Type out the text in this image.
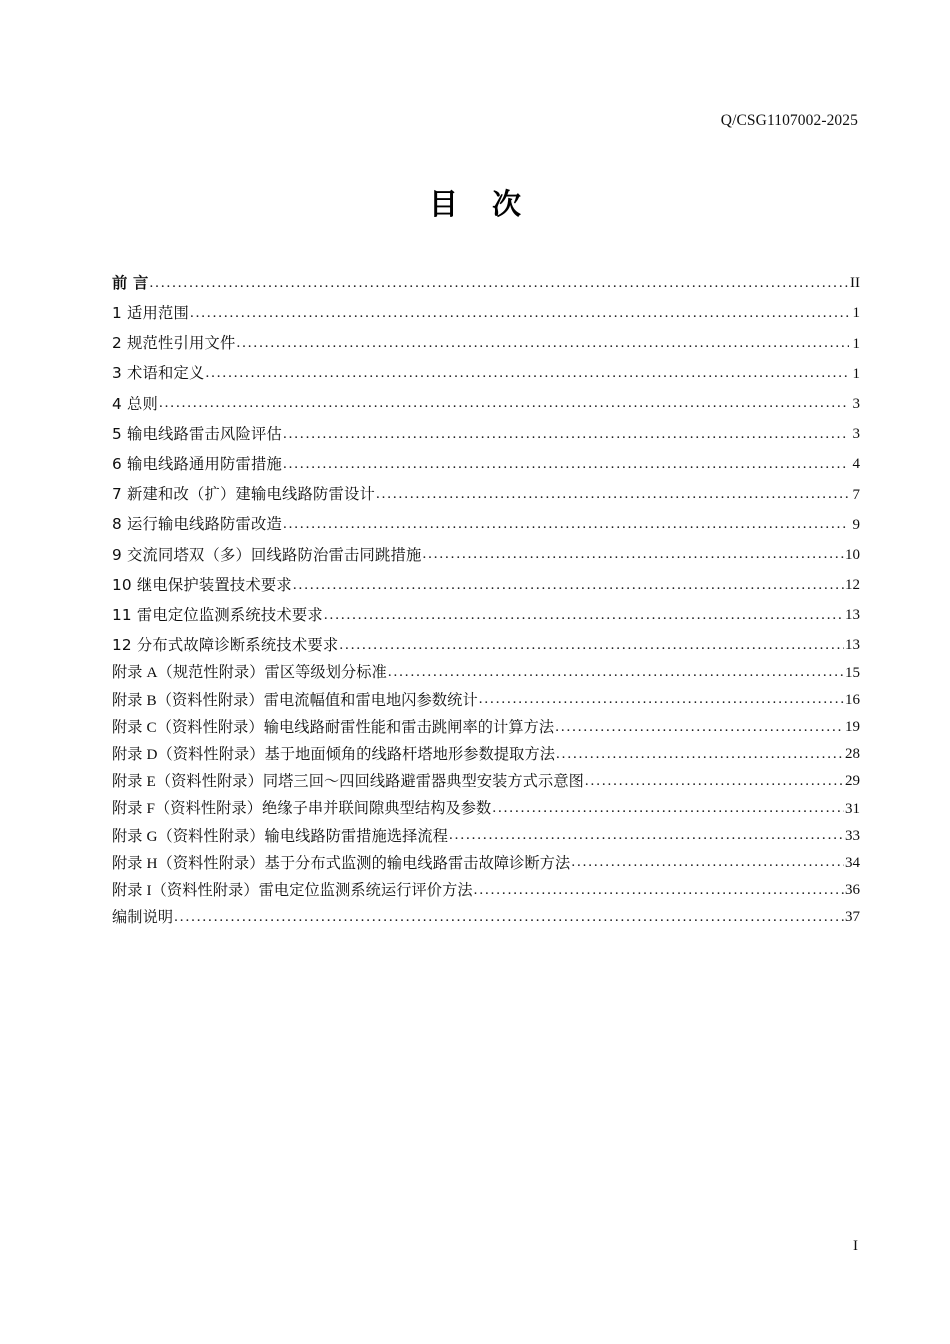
Q/CSG1107002-2025
目 次
前 言 .....	II
1 适用范围 .....	1
2 规范性引用文件 .....	1
3 术语和定义 .....	1
4 总则 .....	3
5 输电线路雷击风险评估 .....	3
6 输电线路通用防雷措施 .....	4
7 新建和改（扩）建输电线路防雷设计 .....	7
8 运行输电线路防雷改造 .....	9
9 交流同塔双（多）回线路防治雷击同跳措施 .....	10
10 继电保护装置技术要求 .....	12
11 雷电定位监测系统技术要求 .....	13
12 分布式故障诊断系统技术要求 .....	13
附录 A（规范性附录）雷区等级划分标准 .....	15
附录 B（资料性附录）雷电流幅值和雷电地闪参数统计 .....	16
附录 C（资料性附录）输电线路耐雷性能和雷击跳闸率的计算方法 .....	19
附录 D（资料性附录）基于地面倾角的线路杆塔地形参数提取方法 .....	28
附录 E（资料性附录）同塔三回～四回线路避雷器典型安装方式示意图 .....	29
附录 F（资料性附录）绝缘子串并联间隙典型结构及参数 .....	31
附录 G（资料性附录）输电线路防雷措施选择流程 .....	33
附录 H（资料性附录）基于分布式监测的输电线路雷击故障诊断方法 .....	34
附录 I（资料性附录）雷电定位监测系统运行评价方法 .....	36
编制说明 .....	37
I
